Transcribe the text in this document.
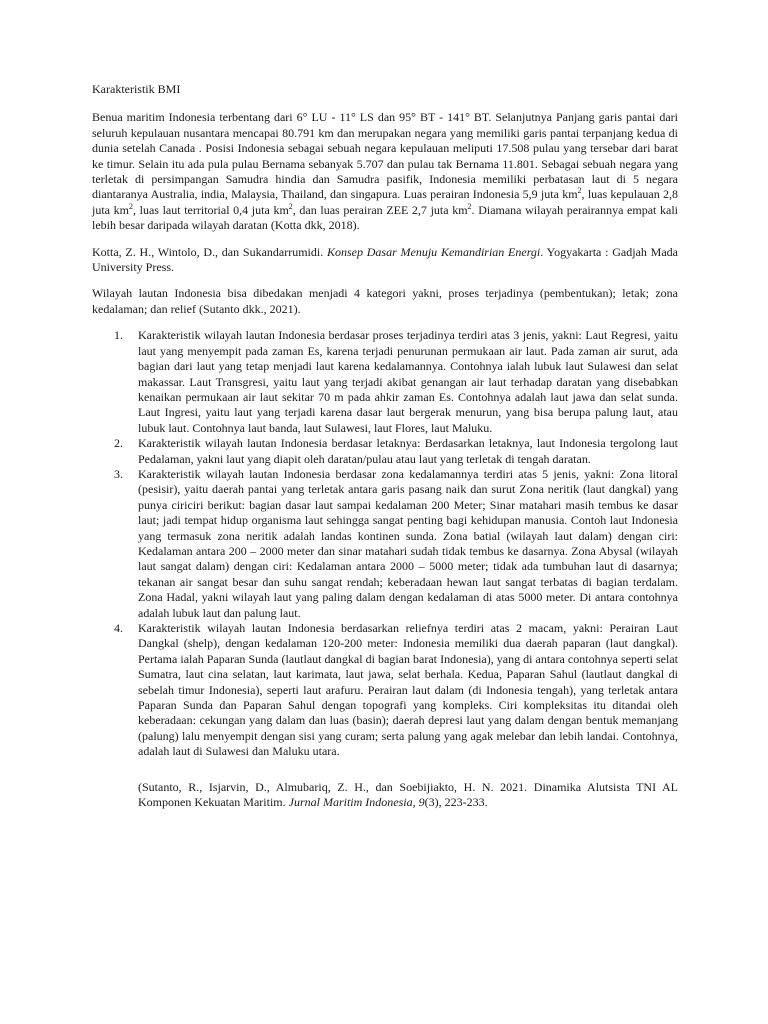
Karakteristik BMI

Benua maritim Indonesia terbentang dari 6° LU - 11° LS dan 95° BT - 141° BT. Selanjutnya Panjang garis pantai dari seluruh kepulauan nusantara mencapai 80.791 km dan merupakan negara yang memiliki garis pantai terpanjang kedua di dunia setelah Canada . Posisi Indonesia sebagai sebuah negara kepulauan meliputi 17.508 pulau yang tersebar dari barat ke timur. Selain itu ada pula pulau Bernama sebanyak 5.707 dan pulau tak Bernama 11.801. Sebagai sebuah negara yang terletak di persimpangan Samudra hindia dan Samudra pasifik, Indonesia memiliki perbatasan laut di 5 negara diantaranya Australia, india, Malaysia, Thailand, dan singapura. Luas perairan Indonesia 5,9 juta $km^2$, luas kepulauan 2,8 juta $km^2$, luas laut territorial 0,4 juta $km^2$, dan luas perairan ZEE 2,7 juta $km^2$. Diamana wilayah perairannya empat kali lebih besar daripada wilayah daratan (Kotta dkk, 2018).

Kotta, Z. H., Wintolo, D., dan Sukandarrumidi. Konsep Dasar Menuju Kemandirian Energi. Yogyakarta : Gadjah Mada University Press.

Wilayah lautan Indonesia bisa dibedakan menjadi 4 kategori yakni, proses terjadinya (pembentukan); letak; zona kedalaman; dan relief (Sutanto dkk., 2021).

1. Karakteristik wilayah lautan Indonesia berdasar proses terjadinya terdiri atas 3 jenis, yakni: Laut Regresi, yaitu laut yang menyempit pada zaman Es, karena terjadi penurunan permukaan air laut. Pada zaman air surut, ada bagian dari laut yang tetap menjadi laut karena kedalamannya. Contohnya ialah lubuk laut Sulawesi dan selat makassar. Laut Transgresi, yaitu laut yang terjadi akibat genangan air laut terhadap daratan yang disebabkan kenaikan permukaan air laut sekitar 70 m pada ahkir zaman Es. Contohnya adalah laut jawa dan selat sunda. Laut Ingresi, yaitu laut yang terjadi karena dasar laut bergerak menurun, yang bisa berupa palung laut, atau lubuk laut. Contohnya laut banda, laut Sulawesi, laut Flores, laut Maluku.
2. Karakteristik wilayah lautan Indonesia berdasar letaknya: Berdasarkan letaknya, laut Indonesia tergolong laut Pedalaman, yakni laut yang diapit oleh daratan/pulau atau laut yang terletak di tengah daratan.
3. Karakteristik wilayah lautan Indonesia berdasar zona kedalamannya terdiri atas 5 jenis, yakni: Zona litoral (pesisir), yaitu daerah pantai yang terletak antara garis pasang naik dan surut Zona neritik (laut dangkal) yang punya ciriciri berikut: bagian dasar laut sampai kedalaman 200 Meter; Sinar matahari masih tembus ke dasar laut; jadi tempat hidup organisma laut sehingga sangat penting bagi kehidupan manusia. Contoh laut Indonesia yang termasuk zona neritik adalah landas kontinen sunda. Zona batial (wilayah laut dalam) dengan ciri: Kedalaman antara 200 – 2000 meter dan sinar matahari sudah tidak tembus ke dasarnya. Zona Abysal (wilayah laut sangat dalam) dengan ciri: Kedalaman antara 2000 – 5000 meter; tidak ada tumbuhan laut di dasarnya; tekanan air sangat besar dan suhu sangat rendah; keberadaan hewan laut sangat terbatas di bagian terdalam. Zona Hadal, yakni wilayah laut yang paling dalam dengan kedalaman di atas 5000 meter. Di antara contohnya adalah lubuk laut dan palung laut.
4. Karakteristik wilayah lautan Indonesia berdasarkan reliefnya terdiri atas 2 macam, yakni: Perairan Laut Dangkal (shelp), dengan kedalaman 120-200 meter: Indonesia memiliki dua daerah paparan (laut dangkal). Pertama ialah Paparan Sunda (lautlaut dangkal di bagian barat Indonesia), yang di antara contohnya seperti selat Sumatra, laut cina selatan, laut karimata, laut jawa, selat berhala. Kedua, Paparan Sahul (lautlaut dangkal di sebelah timur Indonesia), seperti laut arafuru. Perairan laut dalam (di Indonesia tengah), yang terletak antara Paparan Sunda dan Paparan Sahul dengan topografi yang kompleks. Ciri kompleksitas itu ditandai oleh keberadaan: cekungan yang dalam dan luas (basin); daerah depresi laut yang dalam dengan bentuk memanjang (palung) lalu menyempit dengan sisi yang curam; serta palung yang agak melebar dan lebih landai. Contohnya, adalah laut di Sulawesi dan Maluku utara.

(Sutanto, R., Isjarvin, D., Almubariq, Z. H., dan Soebijiakto, H. N. 2021. Dinamika Alutsista TNI AL Komponen Kekuatan Maritim. Jurnal Maritim Indonesia, 9(3), 223-233.
